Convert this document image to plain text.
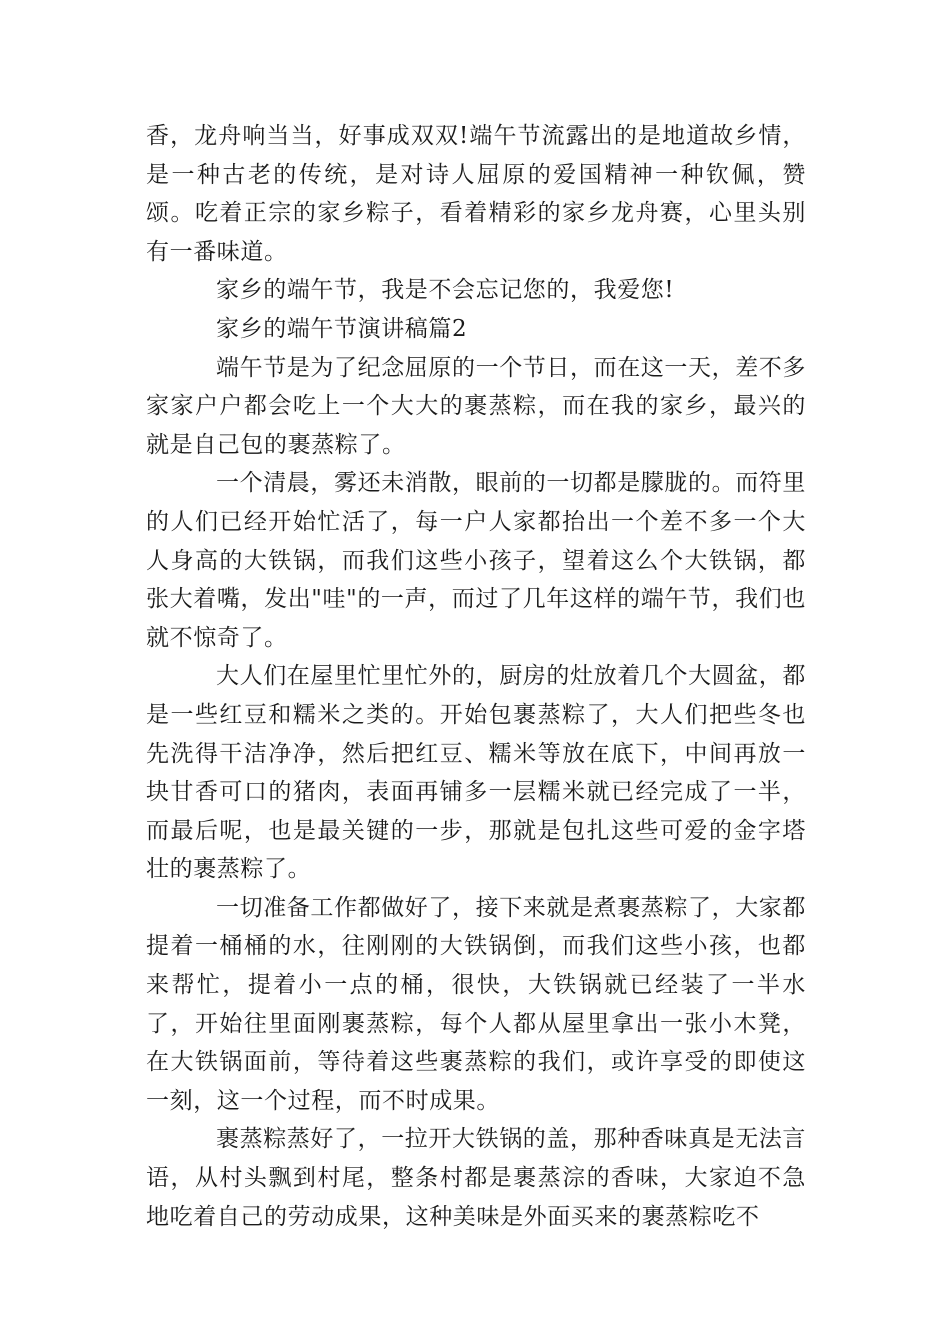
香，龙舟响当当，好事成双双!端午节流露出的是地道故乡情，是一种古老的传统，是对诗人屈原的爱国精神一种钦佩，赞颂。吃着正宗的家乡粽子，看着精彩的家乡龙舟赛，心里头别有一番味道。

家乡的端午节，我是不会忘记您的，我爱您!

家乡的端午节演讲稿篇2

端午节是为了纪念屈原的一个节日，而在这一天，差不多家家户户都会吃上一个大大的裹蒸粽，而在我的家乡，最兴的就是自己包的裹蒸粽了。

一个清晨，雾还未消散，眼前的一切都是朦胧的。而符里的人们已经开始忙活了，每一户人家都抬出一个差不多一个大人身高的大铁锅，而我们这些小孩子，望着这么个大铁锅，都张大着嘴，发出"哇"的一声，而过了几年这样的端午节，我们也就不惊奇了。

大人们在屋里忙里忙外的，厨房的灶放着几个大圆盆，都是一些红豆和糯米之类的。开始包裹蒸粽了，大人们把些冬也先洗得干洁净净，然后把红豆、糯米等放在底下，中间再放一块甘香可口的猪肉，表面再铺多一层糯米就已经完成了一半，而最后呢，也是最关键的一步，那就是包扎这些可爱的金字塔壮的裹蒸粽了。

一切准备工作都做好了，接下来就是煮裹蒸粽了，大家都提着一桶桶的水，往刚刚的大铁锅倒，而我们这些小孩，也都来帮忙，提着小一点的桶，很快，大铁锅就已经装了一半水了，开始往里面刚裹蒸粽，每个人都从屋里拿出一张小木凳，在大铁锅面前，等待着这些裹蒸粽的我们，或许享受的即使这一刻，这一个过程，而不时成果。

裹蒸粽蒸好了，一拉开大铁锅的盖，那种香味真是无法言语，从村头飘到村尾，整条村都是裹蒸淙的香味，大家迫不急地吃着自己的劳动成果，这种美味是外面买来的裹蒸粽吃不
